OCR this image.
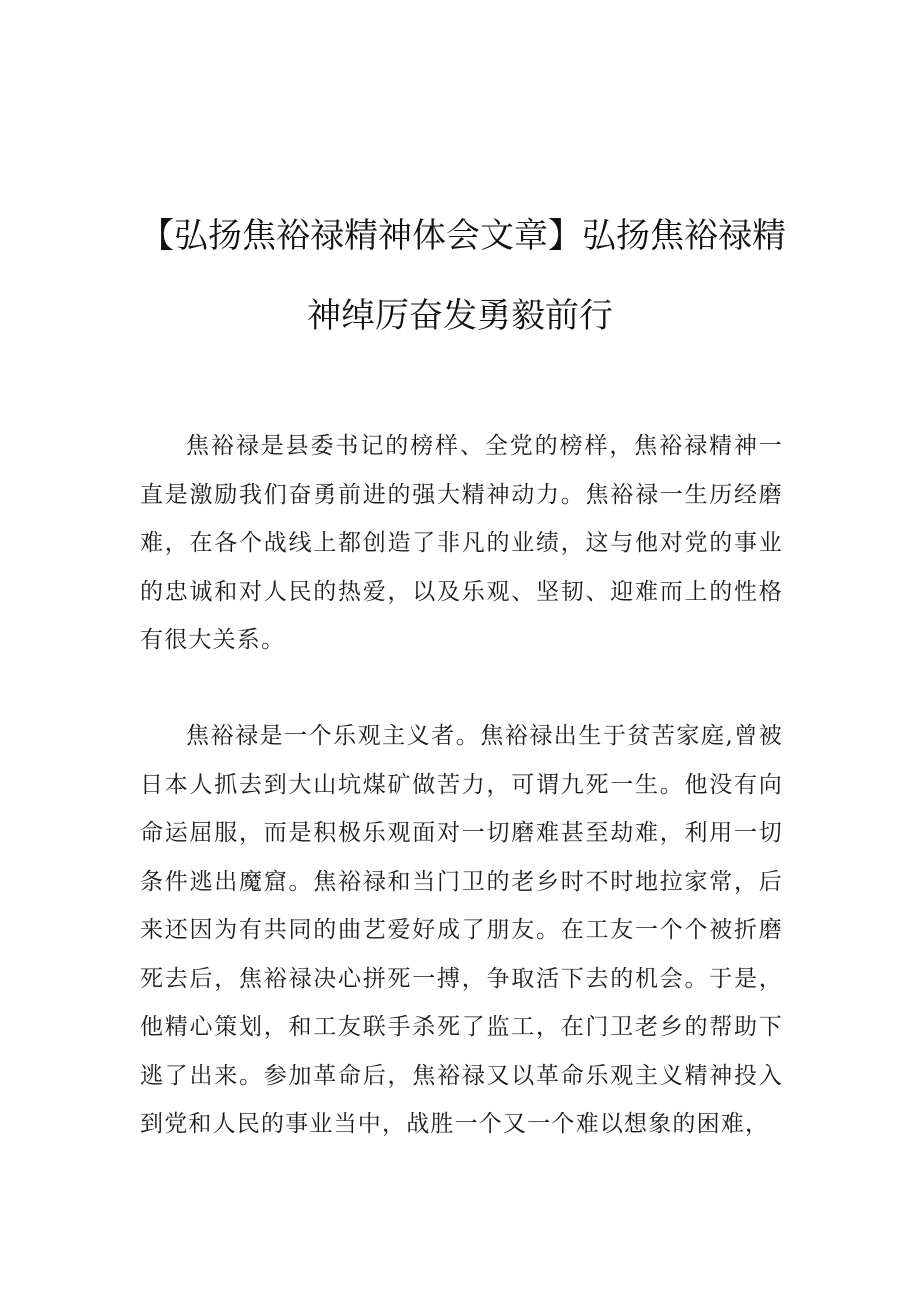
【弘扬焦裕禄精神体会文章】弘扬焦裕禄精
神绰厉奋发勇毅前行

焦裕禄是县委书记的榜样、全党的榜样，焦裕禄精神一直是激励我们奋勇前进的强大精神动力。焦裕禄一生历经磨难，在各个战线上都创造了非凡的业绩，这与他对党的事业的忠诚和对人民的热爱，以及乐观、坚韧、迎难而上的性格有很大关系。

焦裕禄是一个乐观主义者。焦裕禄出生于贫苦家庭,曾被日本人抓去到大山坑煤矿做苦力，可谓九死一生。他没有向命运屈服，而是积极乐观面对一切磨难甚至劫难，利用一切条件逃出魔窟。焦裕禄和当门卫的老乡时不时地拉家常，后来还因为有共同的曲艺爱好成了朋友。在工友一个个被折磨死去后，焦裕禄决心拼死一搏，争取活下去的机会。于是，他精心策划，和工友联手杀死了监工，在门卫老乡的帮助下逃了出来。参加革命后，焦裕禄又以革命乐观主义精神投入到党和人民的事业当中，战胜一个又一个难以想象的困难，
